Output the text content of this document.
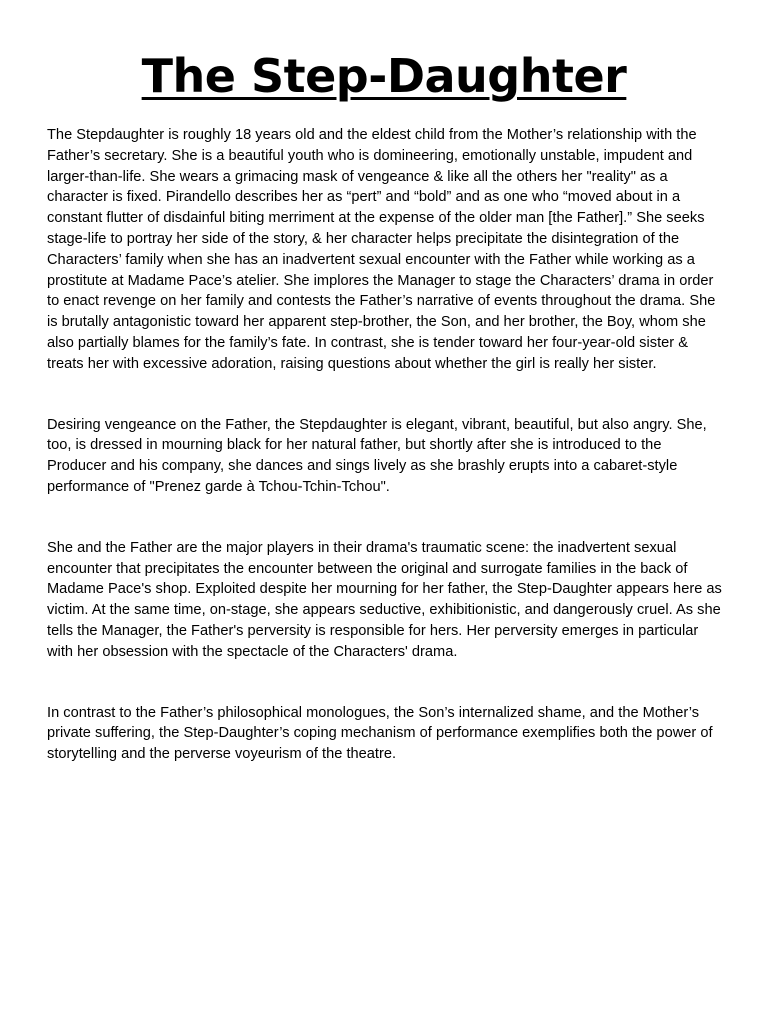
The Step-Daughter

The Stepdaughter is roughly 18 years old and the eldest child from the Mother’s relationship with the Father’s secretary. She is a beautiful youth who is domineering, emotionally unstable, impudent and larger-than-life. She wears a grimacing mask of vengeance & like all the others her "reality" as a character is fixed. Pirandello describes her as “pert” and “bold” and as one who “moved about in a constant flutter of disdainful biting merriment at the expense of the older man [the Father].” She seeks stage-life to portray her side of the story, & her character helps precipitate the disintegration of the Characters’ family when she has an inadvertent sexual encounter with the Father while working as a prostitute at Madame Pace’s atelier. She implores the Manager to stage the Characters’ drama in order to enact revenge on her family and contests the Father’s narrative of events throughout the drama. She is brutally antagonistic toward her apparent step-brother, the Son, and her brother, the Boy, whom she also partially blames for the family’s fate. In contrast, she is tender toward her four-year-old sister & treats her with excessive adoration, raising questions about whether the girl is really her sister.

Desiring vengeance on the Father, the Stepdaughter is elegant, vibrant, beautiful, but also angry. She, too, is dressed in mourning black for her natural father, but shortly after she is introduced to the Producer and his company, she dances and sings lively as she brashly erupts into a cabaret-style performance of "Prenez garde à Tchou-Tchin-Tchou".

She and the Father are the major players in their drama's traumatic scene: the inadvertent sexual encounter that precipitates the encounter between the original and surrogate families in the back of Madame Pace's shop. Exploited despite her mourning for her father, the Step-Daughter appears here as victim. At the same time, on-stage, she appears seductive, exhibitionistic, and dangerously cruel. As she tells the Manager, the Father's perversity is responsible for hers. Her perversity emerges in particular with her obsession with the spectacle of the Characters' drama.

In contrast to the Father’s philosophical monologues, the Son’s internalized shame, and the Mother’s private suffering, the Step-Daughter’s coping mechanism of performance exemplifies both the power of storytelling and the perverse voyeurism of the theatre.
